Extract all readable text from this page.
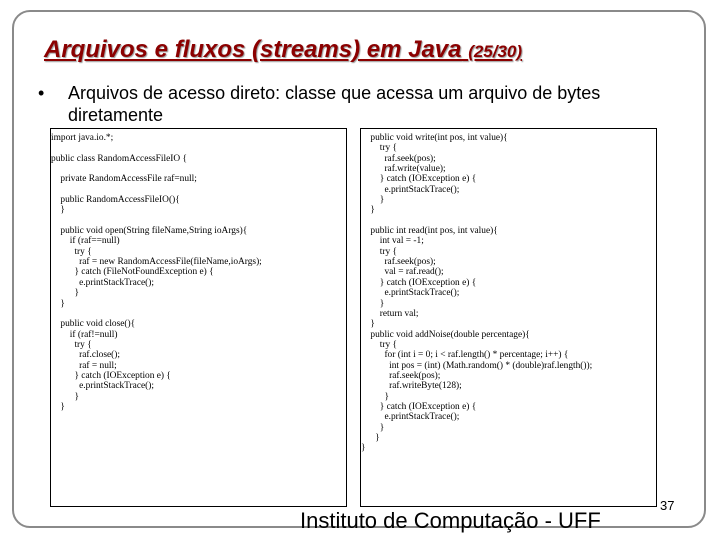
Arquivos e fluxos (streams) em Java (25/30)
• Arquivos de acesso direto: classe que acessa um arquivo de bytes diretamente
import java.io.*;
public class RandomAccessFileIO {
private RandomAccessFile raf=null;
public RandomAccessFileIO(){
}
public void open(String fileName,String ioArgs){
if (raf==null)
try {
raf = new RandomAccessFile(fileName,ioArgs);
} catch (FileNotFoundException e) {
e.printStackTrace();
}
}
public void close(){
if (raf!=null)
try {
raf.close();
raf = null;
} catch (IOException e) {
e.printStackTrace();
}
}
public void write(int pos, int value){
try {
raf.seek(pos);
raf.write(value);
} catch (IOException e) {
e.printStackTrace();
}
}
public int read(int pos, int value){
int val = -1;
try {
raf.seek(pos);
val = raf.read();
} catch (IOException e) {
e.printStackTrace();
}
return val;
}
public void addNoise(double percentage){
try {
for (int i = 0; i < raf.length() * percentage; i++) {
int pos = (int) (Math.random() * (double)raf.length());
raf.seek(pos);
raf.writeByte(128);
}
} catch (IOException e) {
e.printStackTrace();
}
}
}
Instituto de Computação - UFF
37
